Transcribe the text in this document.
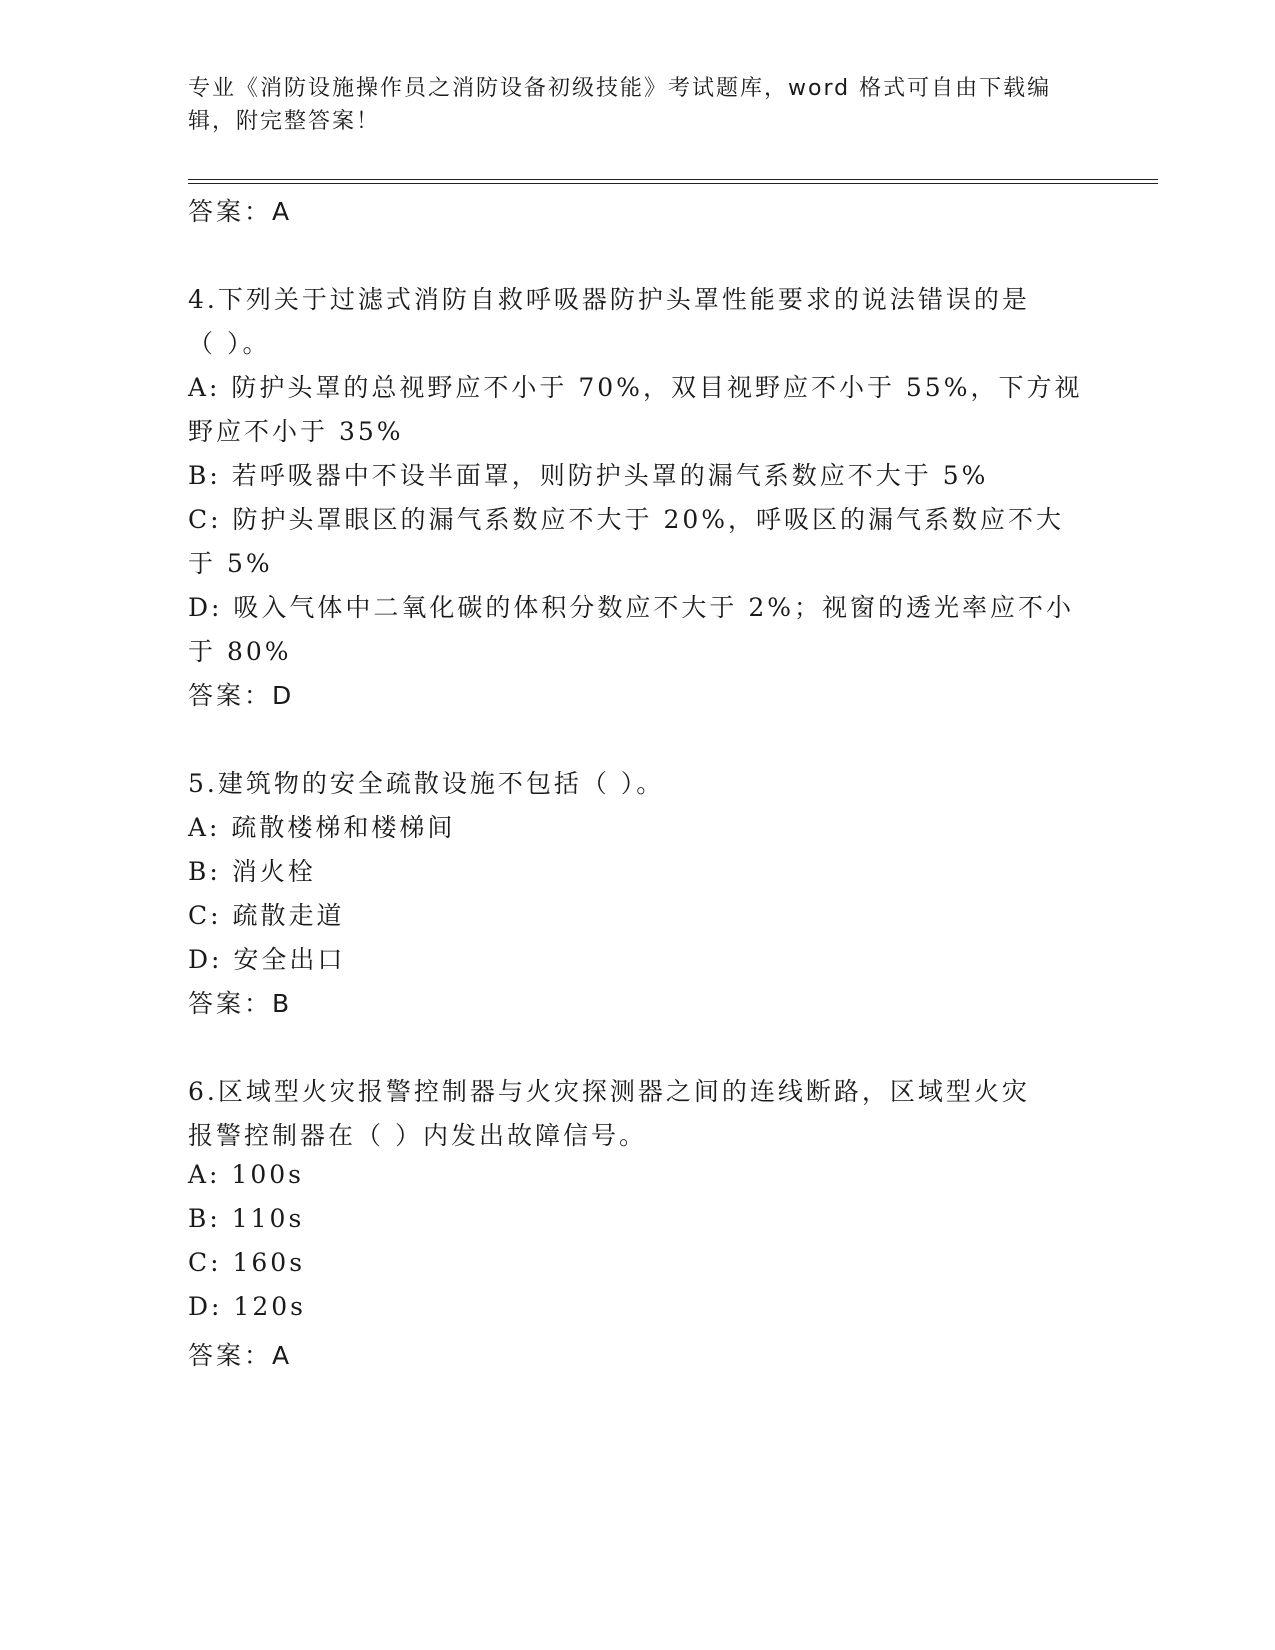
专业《消防设施操作员之消防设备初级技能》考试题库，word 格式可自由下载编
辑，附完整答案！
答案：A
4.下列关于过滤式消防自救呼吸器防护头罩性能要求的说法错误的是
（ ）。
A: 防护头罩的总视野应不小于 70%，双目视野应不小于 55%，下方视
野应不小于 35%
B: 若呼吸器中不设半面罩，则防护头罩的漏气系数应不大于 5%
C: 防护头罩眼区的漏气系数应不大于 20%，呼吸区的漏气系数应不大
于 5%
D: 吸入气体中二氧化碳的体积分数应不大于 2%；视窗的透光率应不小
于 80%
答案：D
5.建筑物的安全疏散设施不包括（ ）。
A: 疏散楼梯和楼梯间
B: 消火栓
C: 疏散走道
D: 安全出口
答案：B
6.区域型火灾报警控制器与火灾探测器之间的连线断路，区域型火灾
报警控制器在（ ）内发出故障信号。
A: 100s
B: 110s
C: 160s
D: 120s
答案：A
